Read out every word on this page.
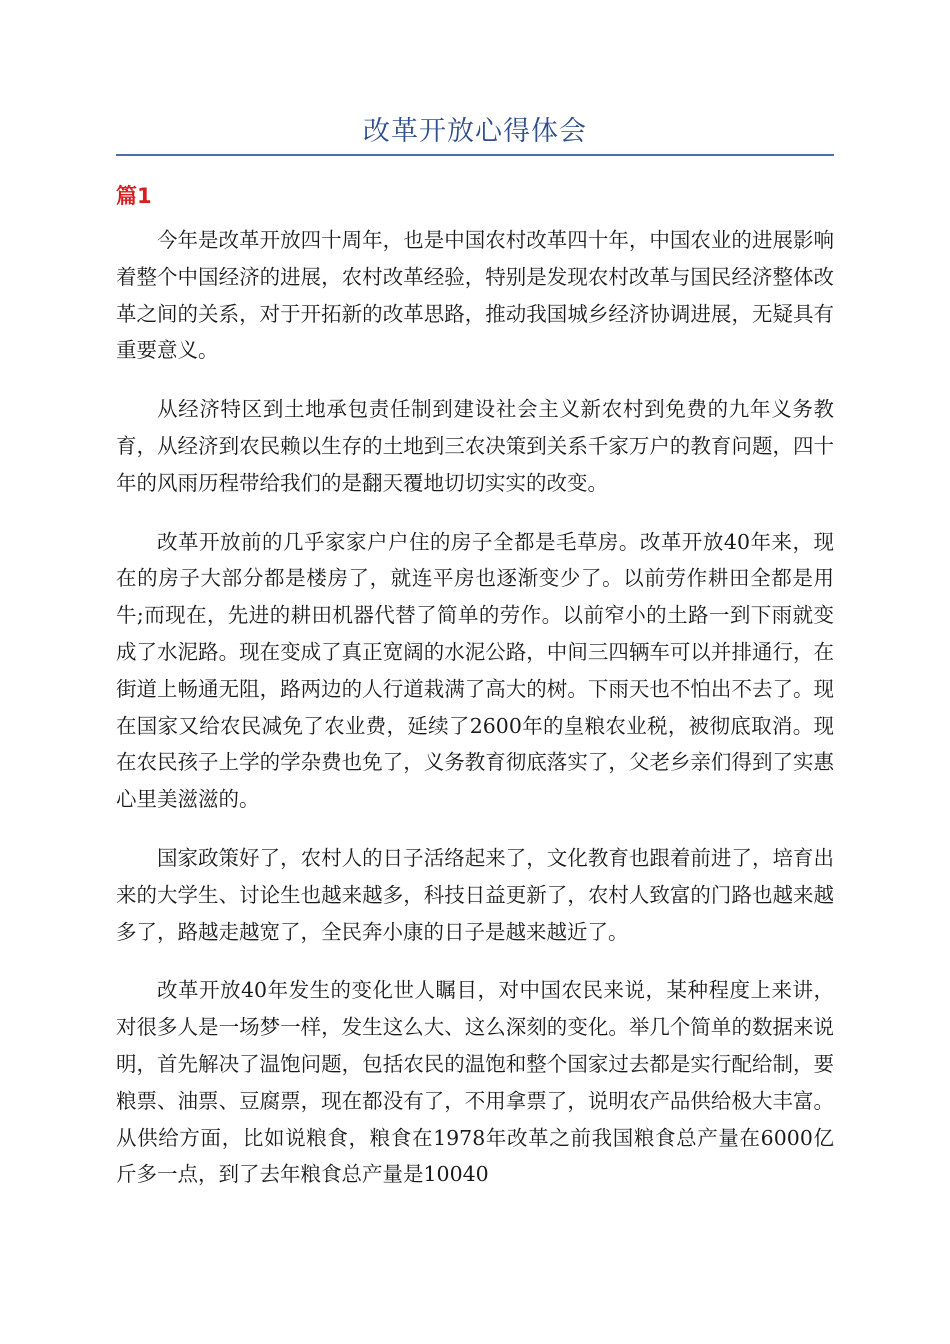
改革开放心得体会
篇1

今年是改革开放四十周年，也是中国农村改革四十年，中国农业的进展影响着整个中国经济的进展，农村改革经验，特别是发现农村改革与国民经济整体改革之间的关系，对于开拓新的改革思路，推动我国城乡经济协调进展，无疑具有重要意义。

从经济特区到土地承包责任制到建设社会主义新农村到免费的九年义务教育，从经济到农民赖以生存的土地到三农决策到关系千家万户的教育问题，四十年的风雨历程带给我们的是翻天覆地切切实实的改变。

改革开放前的几乎家家户户住的房子全都是毛草房。改革开放40年来，现在的房子大部分都是楼房了，就连平房也逐渐变少了。以前劳作耕田全都是用牛;而现在，先进的耕田机器代替了简单的劳作。以前窄小的土路一到下雨就变成了水泥路。现在变成了真正宽阔的水泥公路，中间三四辆车可以并排通行，在街道上畅通无阻，路两边的人行道栽满了高大的树。下雨天也不怕出不去了。现在国家又给农民减免了农业费，延续了2600年的皇粮农业税，被彻底取消。现在农民孩子上学的学杂费也免了，义务教育彻底落实了，父老乡亲们得到了实惠心里美滋滋的。

国家政策好了，农村人的日子活络起来了，文化教育也跟着前进了，培育出来的大学生、讨论生也越来越多，科技日益更新了，农村人致富的门路也越来越多了，路越走越宽了，全民奔小康的日子是越来越近了。

改革开放40年发生的变化世人瞩目，对中国农民来说，某种程度上来讲，对很多人是一场梦一样，发生这么大、这么深刻的变化。举几个简单的数据来说明，首先解决了温饱问题，包括农民的温饱和整个国家过去都是实行配给制，要粮票、油票、豆腐票，现在都没有了，不用拿票了，说明农产品供给极大丰富。从供给方面，比如说粮食，粮食在1978年改革之前我国粮食总产量在6000亿斤多一点，到了去年粮食总产量是10040
